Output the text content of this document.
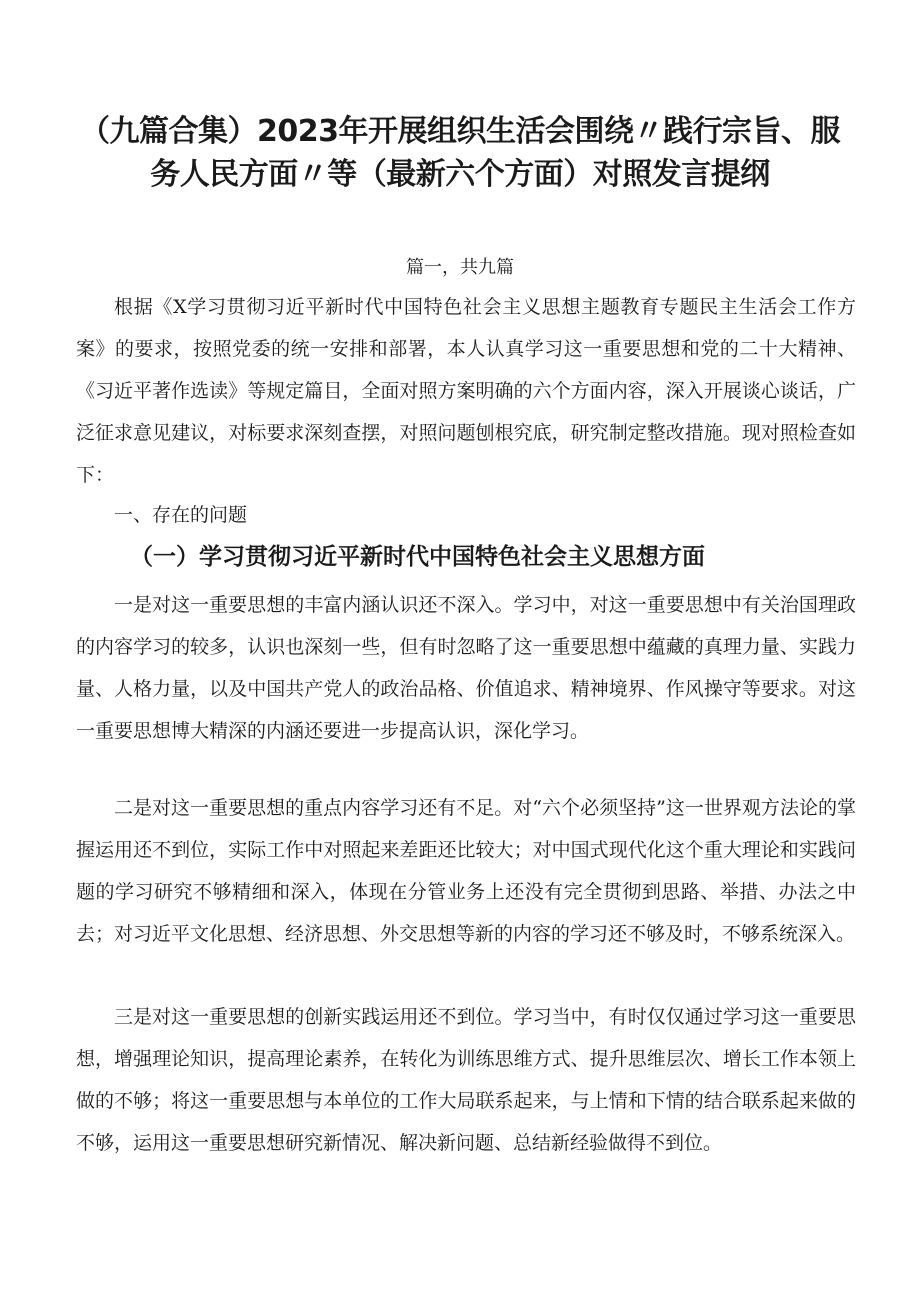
（九篇合集）2023年开展组织生活会围绕〃践行宗旨、服
务人民方面〃等（最新六个方面）对照发言提纲
篇一，共九篇

根据《X学习贯彻习近平新时代中国特色社会主义思想主题教育专题民主生活会工作方案》的要求，按照党委的统一安排和部署，本人认真学习这一重要思想和党的二十大精神、《习近平著作选读》等规定篇目，全面对照方案明确的六个方面内容，深入开展谈心谈话，广泛征求意见建议，对标要求深刻查摆，对照问题刨根究底，研究制定整改措施。现对照检查如下：

一、存在的问题

（一）学习贯彻习近平新时代中国特色社会主义思想方面

一是对这一重要思想的丰富内涵认识还不深入。学习中，对这一重要思想中有关治国理政的内容学习的较多，认识也深刻一些，但有时忽略了这一重要思想中蕴藏的真理力量、实践力量、人格力量，以及中国共产党人的政治品格、价值追求、精神境界、作风操守等要求。对这一重要思想博大精深的内涵还要进一步提高认识，深化学习。

二是对这一重要思想的重点内容学习还有不足。对“六个必须坚持”这一世界观方法论的掌握运用还不到位，实际工作中对照起来差距还比较大；对中国式现代化这个重大理论和实践问题的学习研究不够精细和深入，体现在分管业务上还没有完全贯彻到思路、举措、办法之中去；对习近平文化思想、经济思想、外交思想等新的内容的学习还不够及时，不够系统深入。

三是对这一重要思想的创新实践运用还不到位。学习当中，有时仅仅通过学习这一重要思想，增强理论知识，提高理论素养，在转化为训练思维方式、提升思维层次、增长工作本领上做的不够；将这一重要思想与本单位的工作大局联系起来，与上情和下情的结合联系起来做的不够，运用这一重要思想研究新情况、解决新问题、总结新经验做得不到位。
